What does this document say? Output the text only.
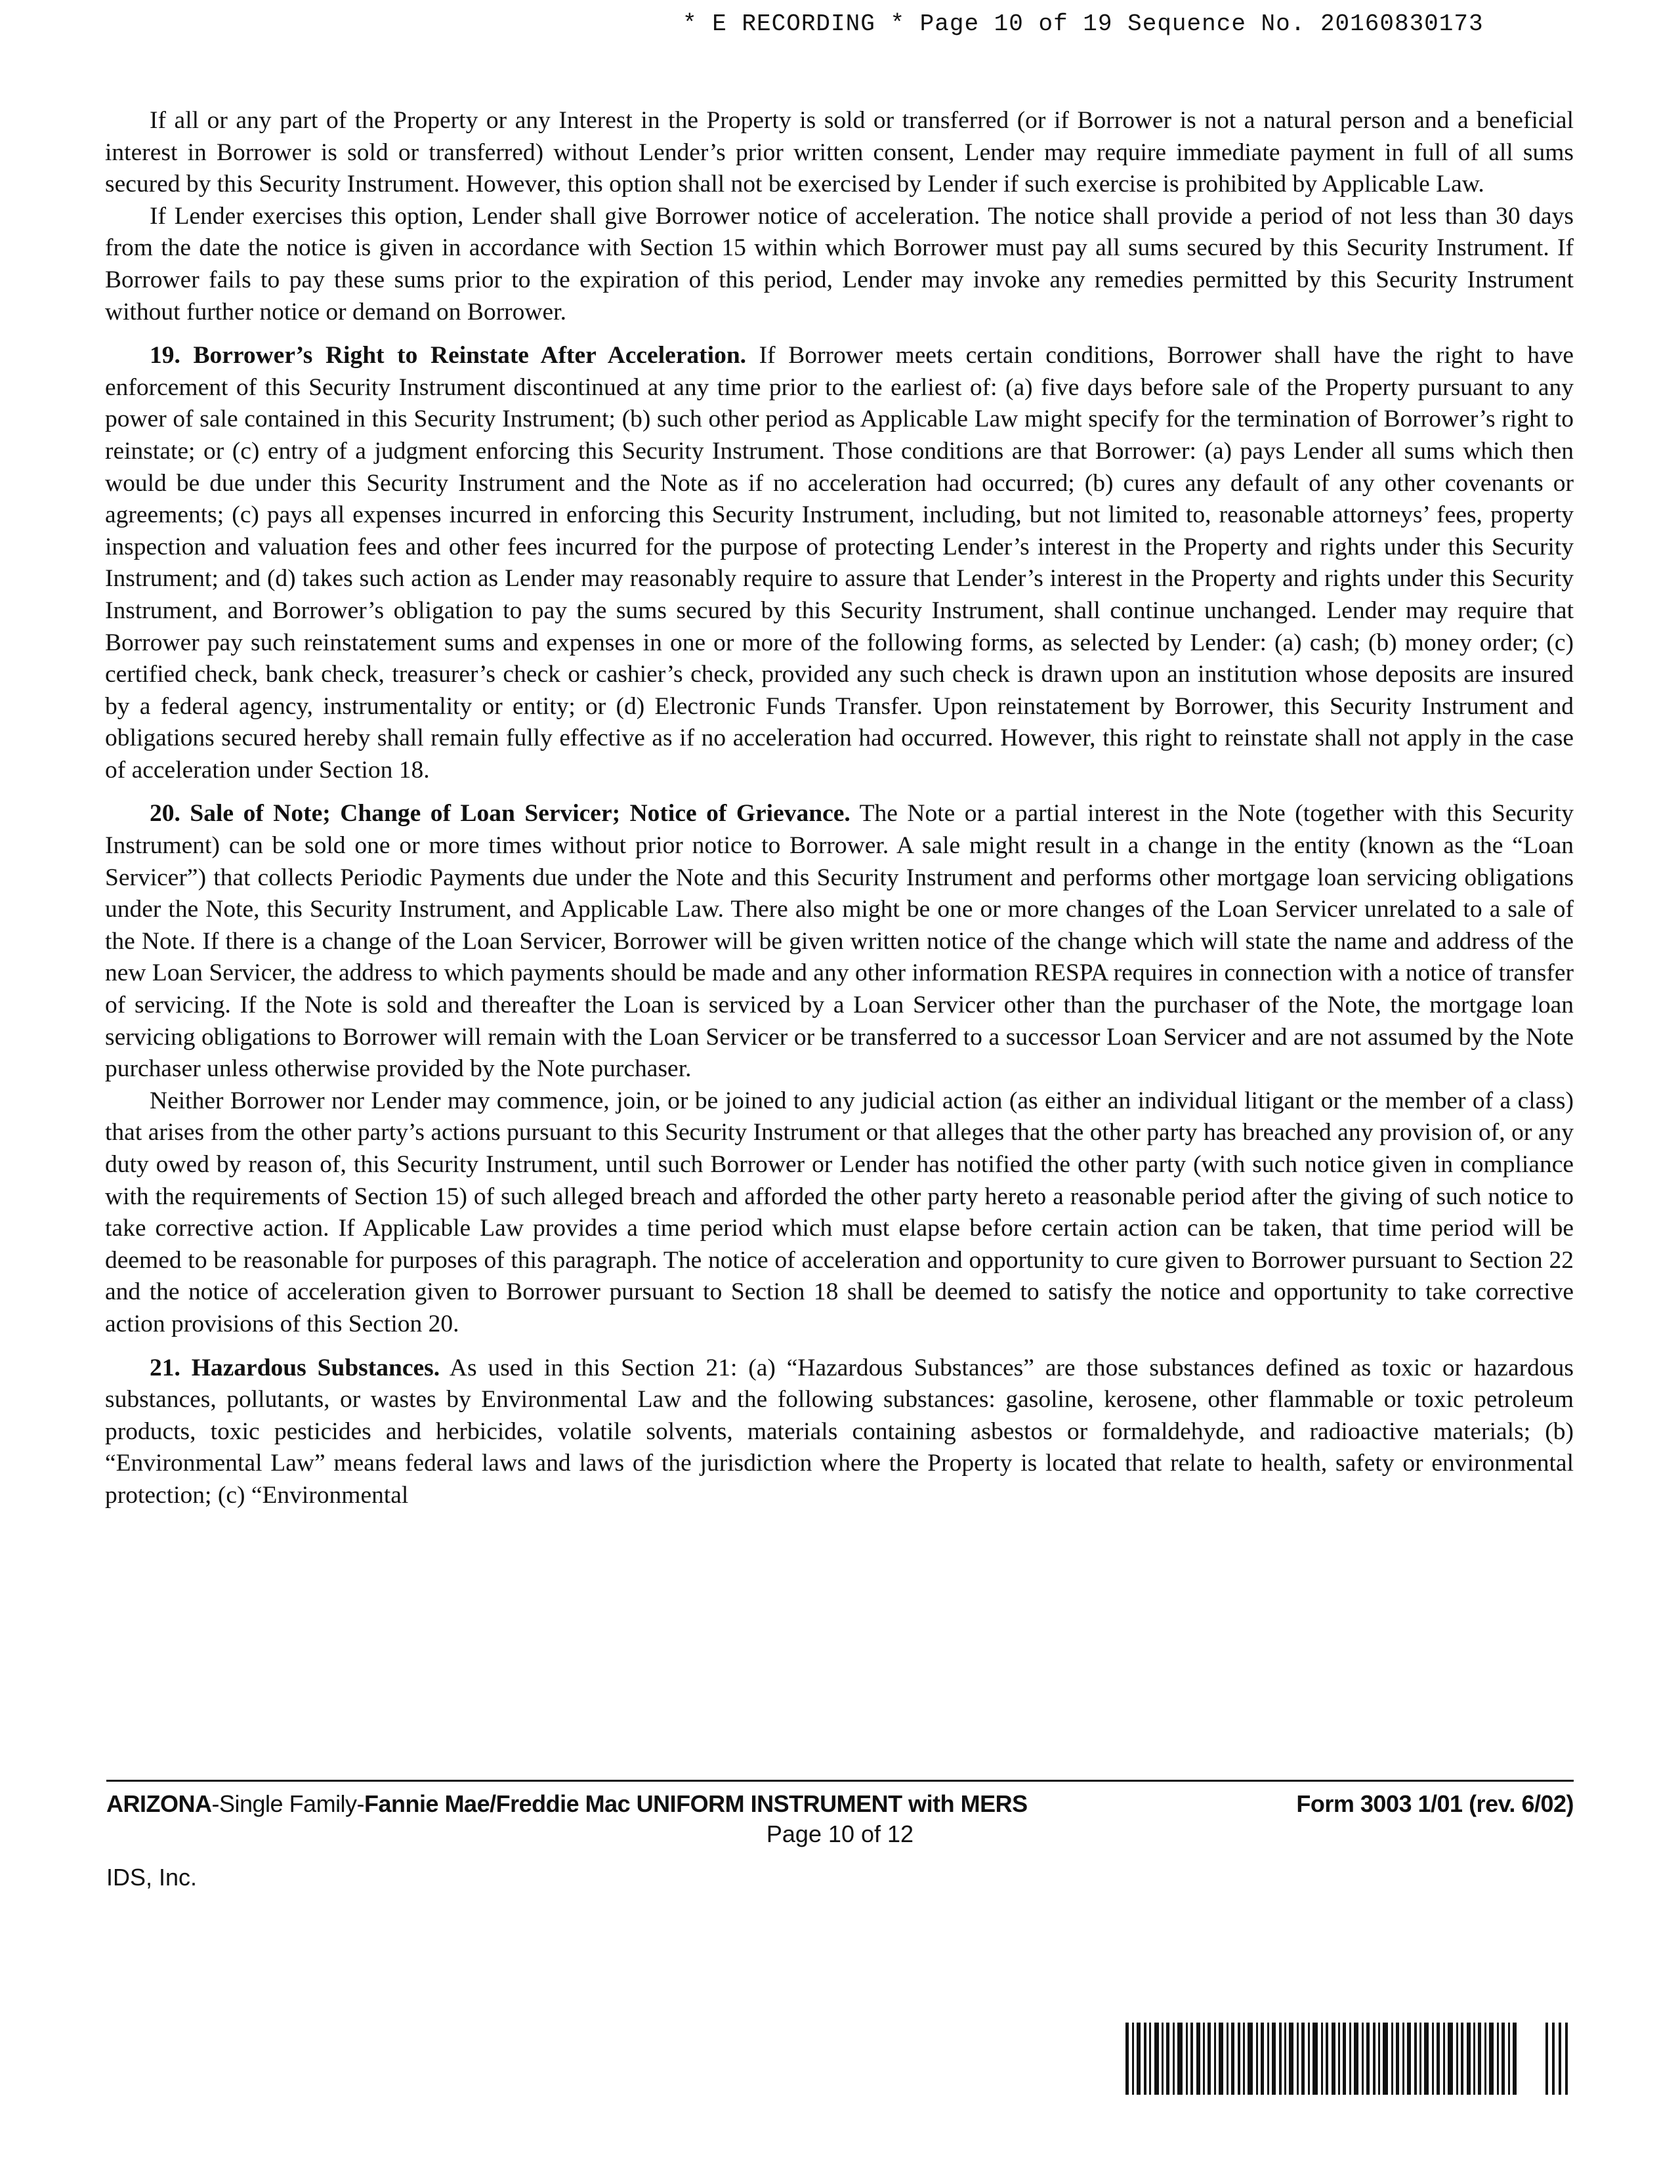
* E RECORDING * Page 10 of 19 Sequence No. 20160830173

If all or any part of the Property or any Interest in the Property is sold or transferred (or if Borrower is not a natural person and a beneficial interest in Borrower is sold or transferred) without Lender’s prior written consent, Lender may require immediate payment in full of all sums secured by this Security Instrument. However, this option shall not be exercised by Lender if such exercise is prohibited by Applicable Law.

If Lender exercises this option, Lender shall give Borrower notice of acceleration. The notice shall provide a period of not less than 30 days from the date the notice is given in accordance with Section 15 within which Borrower must pay all sums secured by this Security Instrument. If Borrower fails to pay these sums prior to the expiration of this period, Lender may invoke any remedies permitted by this Security Instrument without further notice or demand on Borrower.

19. Borrower’s Right to Reinstate After Acceleration. If Borrower meets certain conditions, Borrower shall have the right to have enforcement of this Security Instrument discontinued at any time prior to the earliest of: (a) five days before sale of the Property pursuant to any power of sale contained in this Security Instrument; (b) such other period as Applicable Law might specify for the termination of Borrower’s right to reinstate; or (c) entry of a judgment enforcing this Security Instrument. Those conditions are that Borrower: (a) pays Lender all sums which then would be due under this Security Instrument and the Note as if no acceleration had occurred; (b) cures any default of any other covenants or agreements; (c) pays all expenses incurred in enforcing this Security Instrument, including, but not limited to, reasonable attorneys’ fees, property inspection and valuation fees and other fees incurred for the purpose of protecting Lender’s interest in the Property and rights under this Security Instrument; and (d) takes such action as Lender may reasonably require to assure that Lender’s interest in the Property and rights under this Security Instrument, and Borrower’s obligation to pay the sums secured by this Security Instrument, shall continue unchanged. Lender may require that Borrower pay such reinstatement sums and expenses in one or more of the following forms, as selected by Lender: (a) cash; (b) money order; (c) certified check, bank check, treasurer’s check or cashier’s check, provided any such check is drawn upon an institution whose deposits are insured by a federal agency, instrumentality or entity; or (d) Electronic Funds Transfer. Upon reinstatement by Borrower, this Security Instrument and obligations secured hereby shall remain fully effective as if no acceleration had occurred. However, this right to reinstate shall not apply in the case of acceleration under Section 18.

20. Sale of Note; Change of Loan Servicer; Notice of Grievance. The Note or a partial interest in the Note (together with this Security Instrument) can be sold one or more times without prior notice to Borrower. A sale might result in a change in the entity (known as the “Loan Servicer”) that collects Periodic Payments due under the Note and this Security Instrument and performs other mortgage loan servicing obligations under the Note, this Security Instrument, and Applicable Law. There also might be one or more changes of the Loan Servicer unrelated to a sale of the Note. If there is a change of the Loan Servicer, Borrower will be given written notice of the change which will state the name and address of the new Loan Servicer, the address to which payments should be made and any other information RESPA requires in connection with a notice of transfer of servicing. If the Note is sold and thereafter the Loan is serviced by a Loan Servicer other than the purchaser of the Note, the mortgage loan servicing obligations to Borrower will remain with the Loan Servicer or be transferred to a successor Loan Servicer and are not assumed by the Note purchaser unless otherwise provided by the Note purchaser.

Neither Borrower nor Lender may commence, join, or be joined to any judicial action (as either an individual litigant or the member of a class) that arises from the other party’s actions pursuant to this Security Instrument or that alleges that the other party has breached any provision of, or any duty owed by reason of, this Security Instrument, until such Borrower or Lender has notified the other party (with such notice given in compliance with the requirements of Section 15) of such alleged breach and afforded the other party hereto a reasonable period after the giving of such notice to take corrective action. If Applicable Law provides a time period which must elapse before certain action can be taken, that time period will be deemed to be reasonable for purposes of this paragraph. The notice of acceleration and opportunity to cure given to Borrower pursuant to Section 22 and the notice of acceleration given to Borrower pursuant to Section 18 shall be deemed to satisfy the notice and opportunity to take corrective action provisions of this Section 20.

21. Hazardous Substances. As used in this Section 21: (a) “Hazardous Substances” are those substances defined as toxic or hazardous substances, pollutants, or wastes by Environmental Law and the following substances: gasoline, kerosene, other flammable or toxic petroleum products, toxic pesticides and herbicides, volatile solvents, materials containing asbestos or formaldehyde, and radioactive materials; (b) “Environmental Law” means federal laws and laws of the jurisdiction where the Property is located that relate to health, safety or environmental protection; (c) “Environmental

ARIZONA-Single Family-Fannie Mae/Freddie Mac UNIFORM INSTRUMENT with MERS	Form 3003 1/01 (rev. 6/02)
Page 10 of 12
IDS, Inc.
